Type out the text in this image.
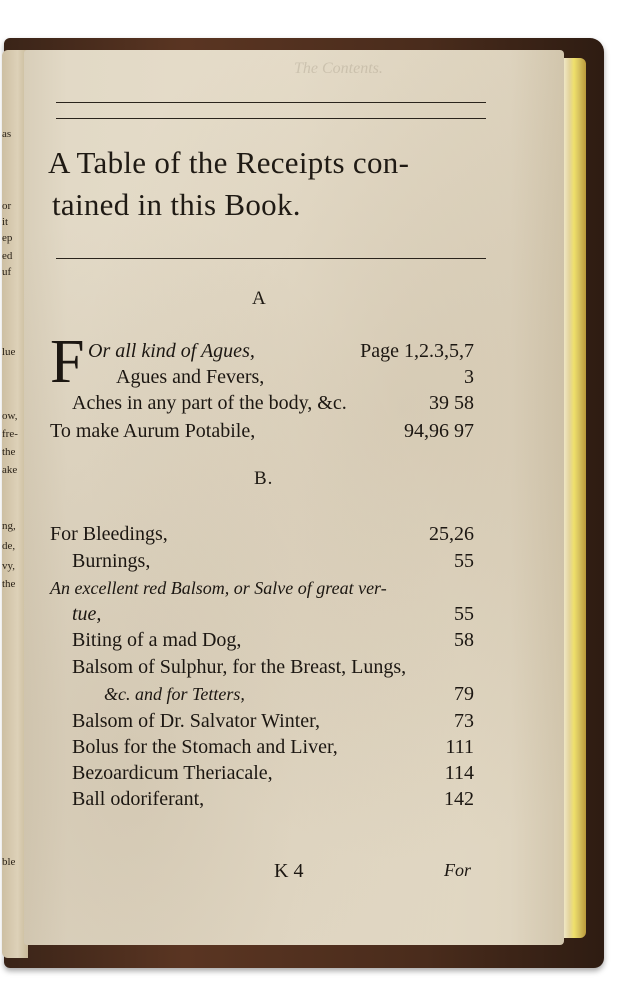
as
or
it
ep
ed
uf
lue
ow,
fre-
the
ake
ng,
de,
vy,
the
ble
The Contents.
A Table of the Receipts con-
tained in this Book.
A
F Or all kind of Agues,	Page 1,2.3,5,7
Agues and Fevers,	3
Aches in any part of the body, &c.	39 58
To make Aurum Potabile,	94,96 97
B.
For Bleedings,	25,26
Burnings,	55
An excellent red Balsom, or Salve of great ver-
tue,	55
Biting of a mad Dog,	58
Balsom of Sulphur, for the Breast, Lungs,
&c. and for Tetters,	79
Balsom of Dr. Salvator Winter,	73
Bolus for the Stomach and Liver,	111
Bezoardicum Theriacale,	114
Ball odoriferant,	142
K 4	For
